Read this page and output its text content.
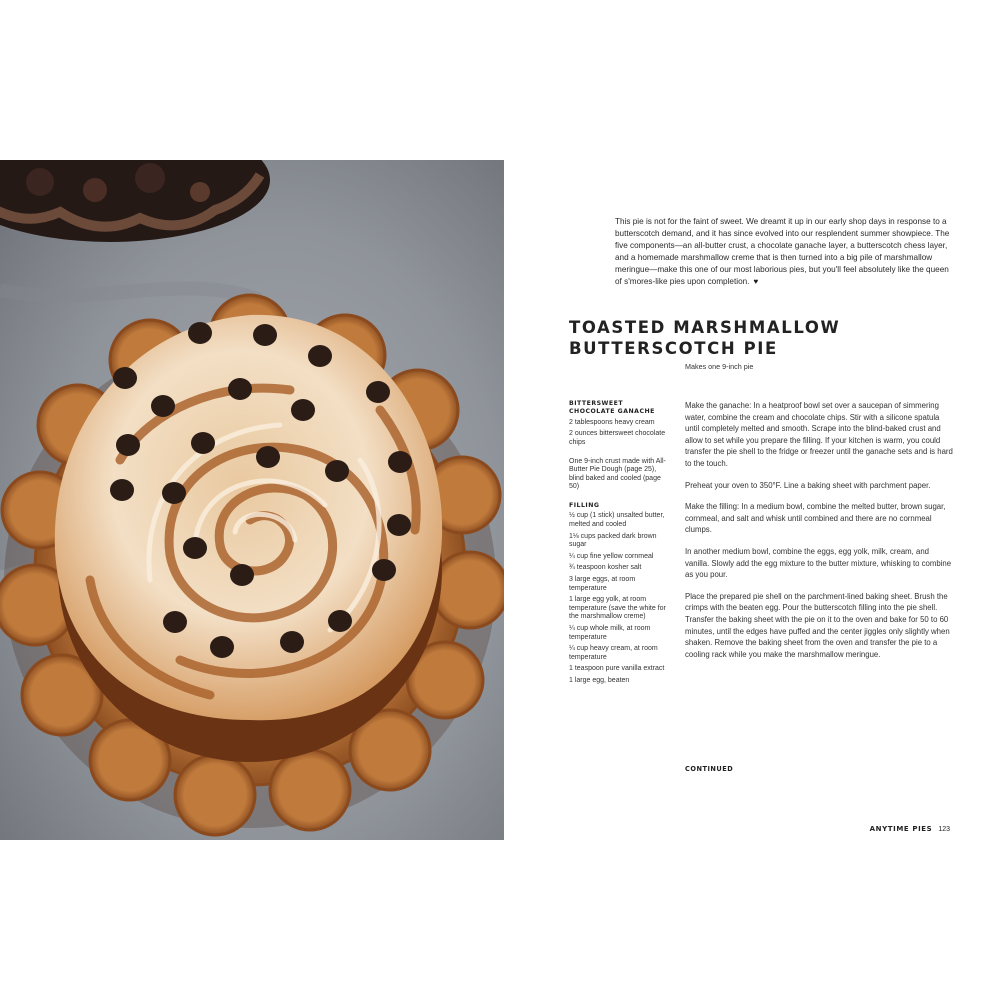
This pie is not for the faint of sweet. We dreamt it up in our early shop days in response to a butterscotch demand, and it has since evolved into our resplendent summer showpiece. The five components—an all-butter crust, a chocolate ganache layer, a butterscotch chess layer, and a homemade marshmallow creme that is then turned into a big pile of marshmallow meringue—make this one of our most laborious pies, but you'll feel absolutely like the queen of s'mores-like pies upon completion. ♥

TOASTED MARSHMALLOW
BUTTERSCOTCH PIE

Makes one 9-inch pie

BITTERSWEET CHOCOLATE GANACHE
2 tablespoons heavy cream
2 ounces bittersweet chocolate chips
One 9-inch crust made with All-Butter Pie Dough (page 25), blind baked and cooled (page 50)
FILLING
½ cup (1 stick) unsalted butter, melted and cooled
1⅛ cups packed dark brown sugar
¼ cup fine yellow cornmeal
¾ teaspoon kosher salt
3 large eggs, at room temperature
1 large egg yolk, at room temperature (save the white for the marshmallow creme)
¼ cup whole milk, at room temperature
¼ cup heavy cream, at room temperature
1 teaspoon pure vanilla extract
1 large egg, beaten

Make the ganache: In a heatproof bowl set over a saucepan of simmering water, combine the cream and chocolate chips. Stir with a silicone spatula until completely melted and smooth. Scrape into the blind-baked crust and allow to set while you prepare the filling. If your kitchen is warm, you could transfer the pie shell to the fridge or freezer until the ganache sets and is hard to the touch.

Preheat your oven to 350°F. Line a baking sheet with parchment paper.

Make the filling: In a medium bowl, combine the melted butter, brown sugar, cornmeal, and salt and whisk until combined and there are no cornmeal clumps.

In another medium bowl, combine the eggs, egg yolk, milk, cream, and vanilla. Slowly add the egg mixture to the butter mixture, whisking to combine as you pour.

Place the prepared pie shell on the parchment-lined baking sheet. Brush the crimps with the beaten egg. Pour the butterscotch filling into the pie shell. Transfer the baking sheet with the pie on it to the oven and bake for 50 to 60 minutes, until the edges have puffed and the center jiggles only slightly when shaken. Remove the baking sheet from the oven and transfer the pie to a cooling rack while you make the marshmallow meringue.

CONTINUED

ANYTIME PIES 123
